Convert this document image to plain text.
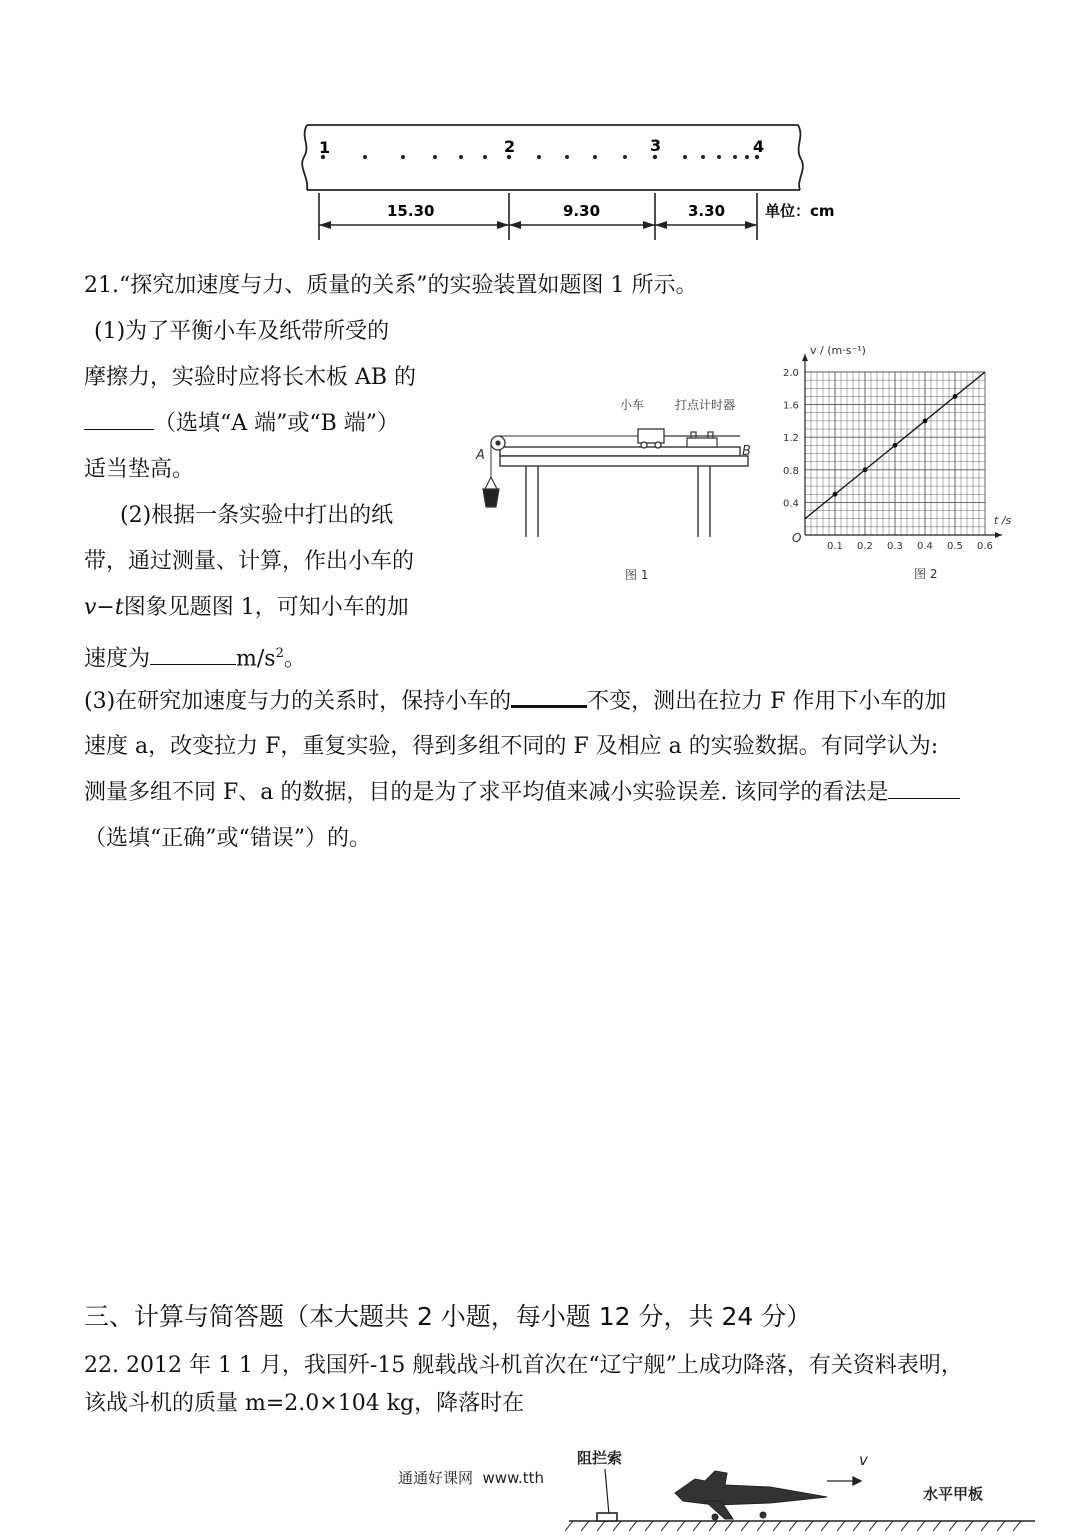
1	2	3	4
15.30	9.30	3.30	单位：cm
21.“探究加速度与力、质量的关系”的实验装置如题图 1 所示。
(1)为了平衡小车及纸带所受的
摩擦力，实验时应将长木板 AB 的
（选填“A 端”或“B 端”）
适当垫高。
(2)根据一条实验中打出的纸
带，通过测量、计算，作出小车的
v−t图象见题图 1，可知小车的加
速度为	$m/s^2$。
(3)在研究加速度与力的关系时，保持小车的	不变，测出在拉力 F 作用下小车的加
速度 a，改变拉力 F，重复实验，得到多组不同的 F 及相应 a 的实验数据。有同学认为:
测量多组不同 F、a 的数据，目的是为了求平均值来减小实验误差. 该同学的看法是
（选填“正确”或“错误”）的。
小车	打点计时器
A	B
图 1
0.1 0.2 0.3 0.4 0.5 0.6
0.4
0.8
1.2
1.6
2.0
v / (m·s⁻¹)
t /s
O
图 2
三、计算与简答题（本大题共 2 小题，每小题 12 分，共 24 分）
22. 2012 年 1 1 月，我国歼-15 舰载战斗机首次在“辽宁舰”上成功降落，有关资料表明，
该战斗机的质量 m=2.0×104 kg，降落时在
阻拦索	v
水平甲板
通通好课网  www.tth
